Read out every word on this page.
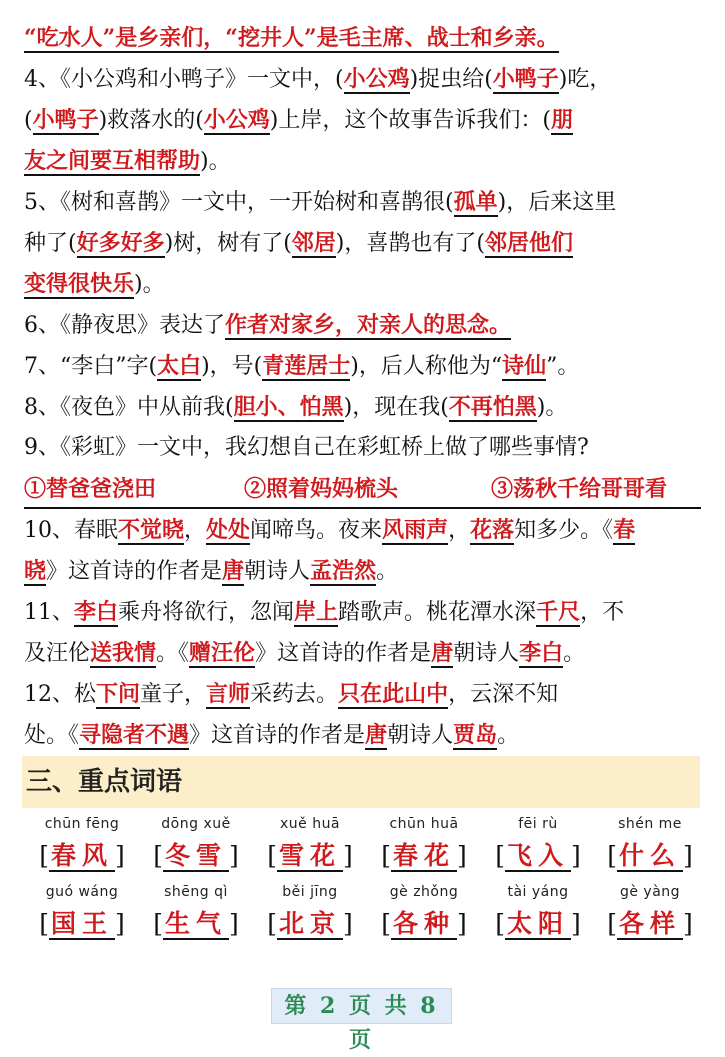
“吃水人”是乡亲们，“挖井人”是毛主席、战士和乡亲。
4、《小公鸡和小鸭子》一文中，(小公鸡)捉虫给(小鸭子)吃，
(小鸭子)救落水的(小公鸡)上岸，这个故事告诉我们：(朋
友之间要互相帮助)。
5、《树和喜鹊》一文中，一开始树和喜鹊很(孤单)，后来这里
种了(好多好多)树，树有了(邻居)，喜鹊也有了(邻居他们
变得很快乐)。
6、《静夜思》表达了作者对家乡，对亲人的思念。
7、“李白”字(太白)，号(青莲居士)，后人称他为“诗仙”。
8、《夜色》中从前我(胆小、怕黑)，现在我(不再怕黑)。
9、《彩虹》一文中，我幻想自己在彩虹桥上做了哪些事情?
①替爸爸浇田	②照着妈妈梳头	③荡秋千给哥哥看
10、春眠不觉晓，处处闻啼鸟。夜来风雨声，花落知多少。《春
晓》这首诗的作者是唐朝诗人孟浩然。
11、李白乘舟将欲行，忽闻岸上踏歌声。桃花潭水深千尺，不
及汪伦送我情。《赠汪伦》这首诗的作者是唐朝诗人李白。
12、松下问童子，言师采药去。只在此山中，云深不知
处。《寻隐者不遇》这首诗的作者是唐朝诗人贾岛。
三、重点词语
chūn fēng
[春风]
dōng xuě
[冬雪]
xuě huā
[雪花]
chūn huā
[春花]
fēi rù
[飞入]
shén me
[什么]
guó wáng
[国王]
shēng qì
[生气]
běi jīng
[北京]
gè zhǒng
[各种]
tài yáng
[太阳]
gè yàng
[各样]
第 2 页 共 8 页
